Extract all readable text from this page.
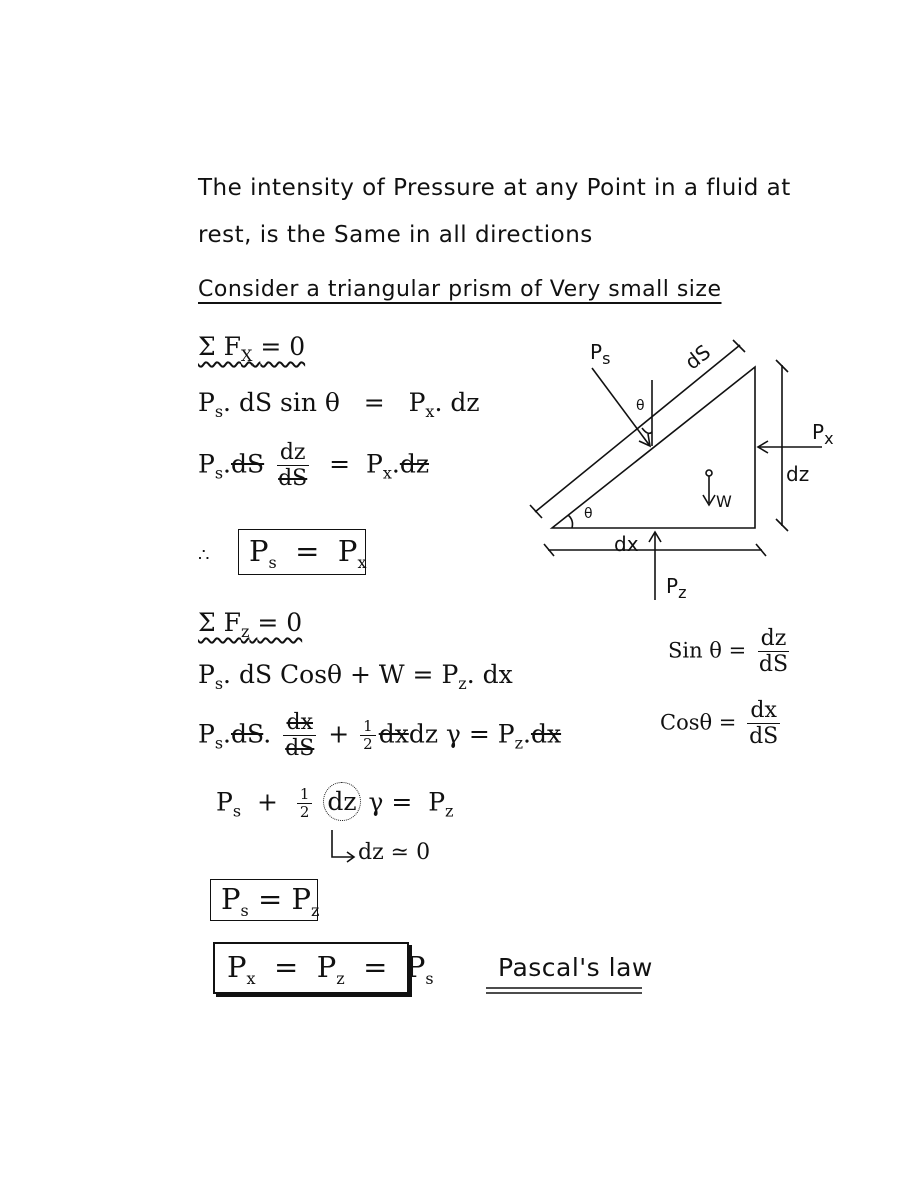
The intensity of Pressure at any Point in a fluid at
rest, is the Same in all directions
Consider a triangular prism of Very small size
Σ $F_X = 0$
$P_s$. dS $\sin \theta = P_x$. dz
$P_s.dS \frac{dz}{dS} = P_x.dz$
∴	$P_s = P_x$
Σ $F_z = 0$
$P_s$. dS $Cos\theta + W = P_z$. dx
$P_s.dS$. $\frac{dx}{dS} + \frac{1}{2}$ dxdz $\gamma = P_z.dx$
$P_s + \frac{1}{2}$ dz $\gamma = P_z$
dz ≃ 0
$P_s = P_z$
$P_x = P_z = P_s$	Pascal's law
Sin $\theta = \frac{dz}{dS}$
$Cos\theta = \frac{dx}{dS}$
$P_s$	dS
θ
$P_x$
dz
W
θ
dx
$P_z$
